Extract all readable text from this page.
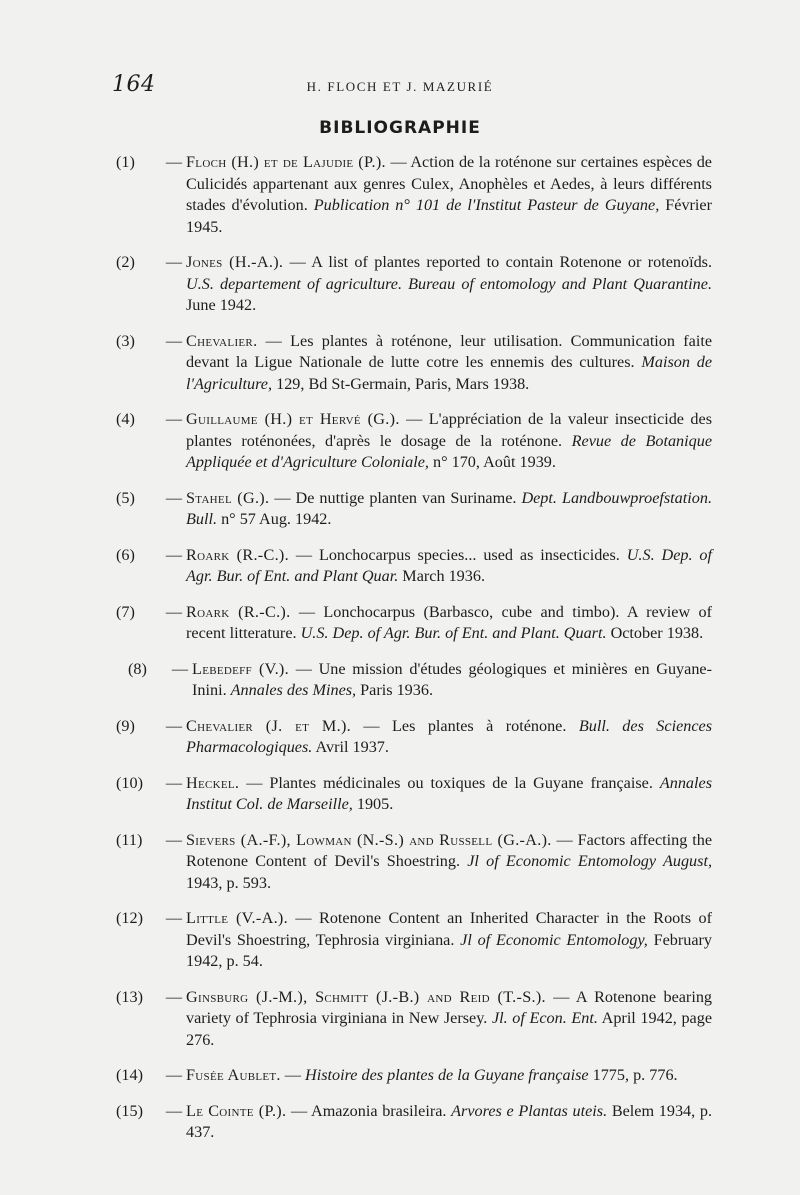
164	H. FLOCH ET J. MAZURIÉ
BIBLIOGRAPHIE
(1)	— Floch (H.) et de Lajudie (P.). — Action de la roténone sur certaines espèces de Culicidés appartenant aux genres Culex, Anophèles et Aedes, à leurs différents stades d'évolution. Publication n° 101 de l'Institut Pasteur de Guyane, Février 1945.
(2)	— Jones (H.-A.). — A list of plantes reported to contain Rotenone or rotenoïds. U.S. departement of agriculture. Bureau of entomology and Plant Quarantine. June 1942.
(3)	— Chevalier. — Les plantes à roténone, leur utilisation. Communication faite devant la Ligue Nationale de lutte cotre les ennemis des cultures. Maison de l'Agriculture, 129, Bd St-Germain, Paris, Mars 1938.
(4)	— Guillaume (H.) et Hervé (G.). — L'appréciation de la valeur insecticide des plantes roténonées, d'après le dosage de la roténone. Revue de Botanique Appliquée et d'Agriculture Coloniale, n° 170, Août 1939.
(5)	— Stahel (G.). — De nuttige planten van Suriname. Dept. Landbouwproefstation. Bull. n° 57 Aug. 1942.
(6)	— Roark (R.-C.). — Lonchocarpus species... used as insecticides. U.S. Dep. of Agr. Bur. of Ent. and Plant Quar. March 1936.
(7)	— Roark (R.-C.). — Lonchocarpus (Barbasco, cube and timbo). A review of recent litterature. U.S. Dep. of Agr. Bur. of Ent. and Plant. Quart. October 1938.
(8)	— Lebedeff (V.). — Une mission d'études géologiques et minières en Guyane-Inini. Annales des Mines, Paris 1936.
(9)	— Chevalier (J. et M.). — Les plantes à roténone. Bull. des Sciences Pharmacologiques. Avril 1937.
(10)	— Heckel. — Plantes médicinales ou toxiques de la Guyane française. Annales Institut Col. de Marseille, 1905.
(11)	— Sievers (A.-F.), Lowman (N.-S.) and Russell (G.-A.). — Factors affecting the Rotenone Content of Devil's Shoestring. Jl of Economic Entomology August, 1943, p. 593.
(12)	— Little (V.-A.). — Rotenone Content an Inherited Character in the Roots of Devil's Shoestring, Tephrosia virginiana. Jl of Economic Entomology, February 1942, p. 54.
(13)	— Ginsburg (J.-M.), Schmitt (J.-B.) and Reid (T.-S.). — A Rotenone bearing variety of Tephrosia virginiana in New Jersey. Jl. of Econ. Ent. April 1942, page 276.
(14)	— Fusée Aublet. — Histoire des plantes de la Guyane française 1775, p. 776.
(15)	— Le Cointe (P.). — Amazonia brasileira. Arvores e Plantas uteis. Belem 1934, p. 437.
